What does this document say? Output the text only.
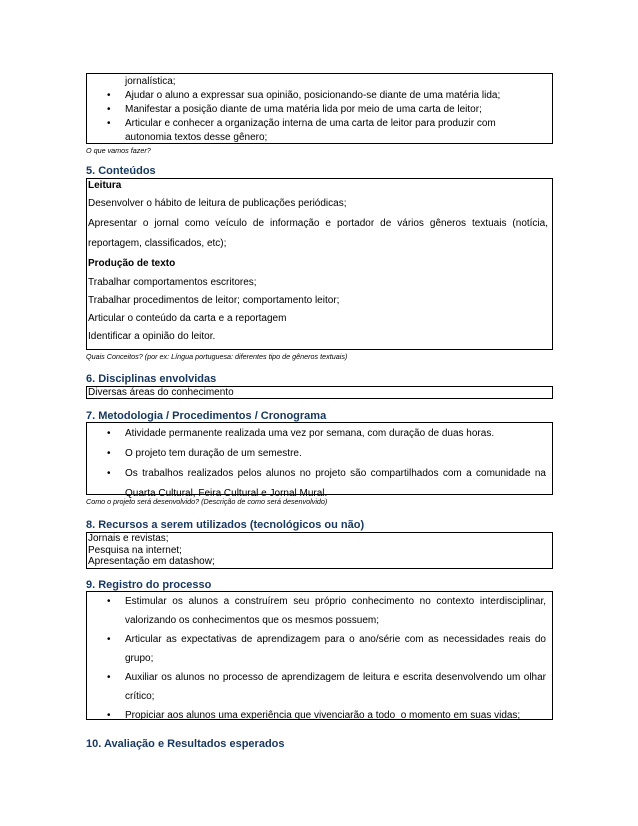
jornalística;
• Ajudar o aluno a expressar sua opinião, posicionando-se diante de uma matéria lida;
• Manifestar a posição diante de uma matéria lida por meio de uma carta de leitor;
• Articular e conhecer a organização interna de uma carta de leitor para produzir com autonomia textos desse gênero;
O que vamos fazer?
5. Conteúdos
Leitura
Desenvolver o hábito de leitura de publicações periódicas;
Apresentar o jornal como veículo de informação e portador de vários gêneros textuais (notícia, reportagem, classificados, etc);
Produção de texto
Trabalhar comportamentos escritores;
Trabalhar procedimentos de leitor; comportamento leitor;
Articular o conteúdo da carta e a reportagem
Identificar a opinião do leitor.
Quais Conceitos? (por ex: Língua portuguesa: diferentes tipo de gêneros textuais)
6. Disciplinas envolvidas
Diversas áreas do conhecimento
7. Metodologia / Procedimentos / Cronograma
• Atividade permanente realizada uma vez por semana, com duração de duas horas.
• O projeto tem duração de um semestre.
• Os trabalhos realizados pelos alunos no projeto são compartilhados com a comunidade na Quarta Cultural, Feira Cultural e Jornal Mural.
Como o projeto será desenvolvido? (Descrição de como será desenvolvido)
8. Recursos a serem utilizados (tecnológicos ou não)
Jornais e revistas;
Pesquisa na internet;
Apresentação em datashow;
9. Registro do processo
• Estimular os alunos a construírem seu próprio conhecimento no contexto interdisciplinar, valorizando os conhecimentos que os mesmos possuem;
• Articular as expectativas de aprendizagem para o ano/série com as necessidades reais do grupo;
• Auxiliar os alunos no processo de aprendizagem de leitura e escrita desenvolvendo um olhar crítico;
• Propiciar aos alunos uma experiência que vivenciarão a todo  o momento em suas vidas;
10. Avaliação e Resultados esperados
